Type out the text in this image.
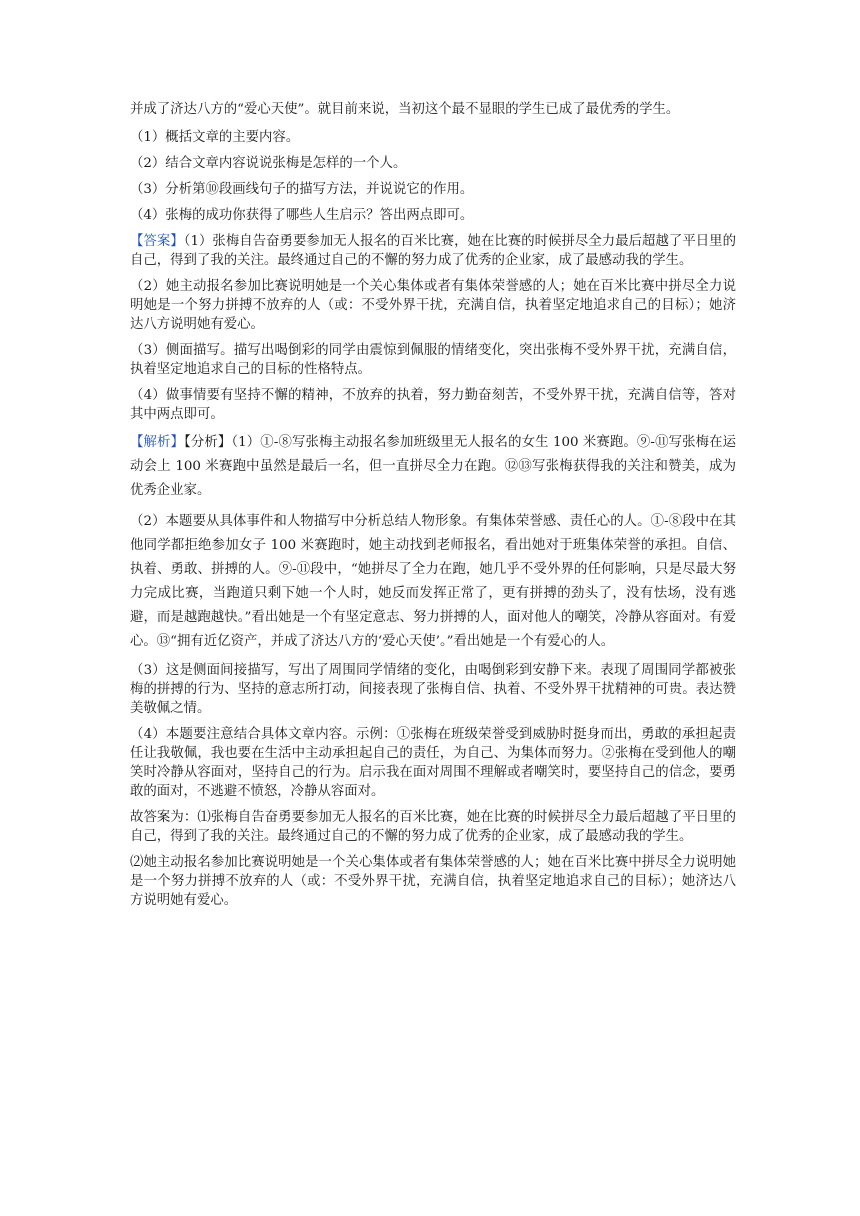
并成了济达八方的“爱心天使”。就目前来说，当初这个最不显眼的学生已成了最优秀的学生。

（1）概括文章的主要内容。

（2）结合文章内容说说张梅是怎样的一个人。

（3）分析第⑩段画线句子的描写方法，并说说它的作用。

（4）张梅的成功你获得了哪些人生启示？答出两点即可。

【答案】（1）张梅自告奋勇要参加无人报名的百米比赛，她在比赛的时候拼尽全力最后超越了平日里的自己，得到了我的关注。最终通过自己的不懈的努力成了优秀的企业家，成了最感动我的学生。

（2）她主动报名参加比赛说明她是一个关心集体或者有集体荣誉感的人；她在百米比赛中拼尽全力说明她是一个努力拼搏不放弃的人（或：不受外界干扰，充满自信，执着坚定地追求自己的目标）；她济达八方说明她有爱心。

（3）侧面描写。描写出喝倒彩的同学由震惊到佩服的情绪变化，突出张梅不受外界干扰，充满自信，执着坚定地追求自己的目标的性格特点。

（4）做事情要有坚持不懈的精神，不放弃的执着，努力勤奋刻苦，不受外界干扰，充满自信等，答对其中两点即可。

【解析】【分析】（1）①-⑧写张梅主动报名参加班级里无人报名的女生 100 米赛跑。⑨-⑪写张梅在运动会上 100 米赛跑中虽然是最后一名，但一直拼尽全力在跑。⑫⑬写张梅获得我的关注和赞美，成为优秀企业家。

（2）本题要从具体事件和人物描写中分析总结人物形象。有集体荣誉感、责任心的人。①-⑧段中在其他同学都拒绝参加女子 100 米赛跑时，她主动找到老师报名，看出她对于班集体荣誉的承担。自信、执着、勇敢、拼搏的人。⑨-⑪段中，“她拼尽了全力在跑，她几乎不受外界的任何影响，只是尽最大努力完成比赛，当跑道只剩下她一个人时，她反而发挥正常了，更有拼搏的劲头了，没有怯场，没有逃避，而是越跑越快。”看出她是一个有坚定意志、努力拼搏的人，面对他人的嘲笑，冷静从容面对。有爱心。⑬“拥有近亿资产，并成了济达八方的‘爱心天使’。”看出她是一个有爱心的人。

（3）这是侧面间接描写，写出了周围同学情绪的变化，由喝倒彩到安静下来。表现了周围同学都被张梅的拼搏的行为、坚持的意志所打动，间接表现了张梅自信、执着、不受外界干扰精神的可贵。表达赞美敬佩之情。

（4）本题要注意结合具体文章内容。示例：①张梅在班级荣誉受到威胁时挺身而出，勇敢的承担起责任让我敬佩，我也要在生活中主动承担起自己的责任，为自己、为集体而努力。②张梅在受到他人的嘲笑时冷静从容面对，坚持自己的行为。启示我在面对周围不理解或者嘲笑时，要坚持自己的信念，要勇敢的面对，不逃避不愤怒，冷静从容面对。

故答案为：⑴张梅自告奋勇要参加无人报名的百米比赛，她在比赛的时候拼尽全力最后超越了平日里的自己，得到了我的关注。最终通过自己的不懈的努力成了优秀的企业家，成了最感动我的学生。

⑵她主动报名参加比赛说明她是一个关心集体或者有集体荣誉感的人；她在百米比赛中拼尽全力说明她是一个努力拼搏不放弃的人（或：不受外界干扰，充满自信，执着坚定地追求自己的目标）；她济达八方说明她有爱心。
